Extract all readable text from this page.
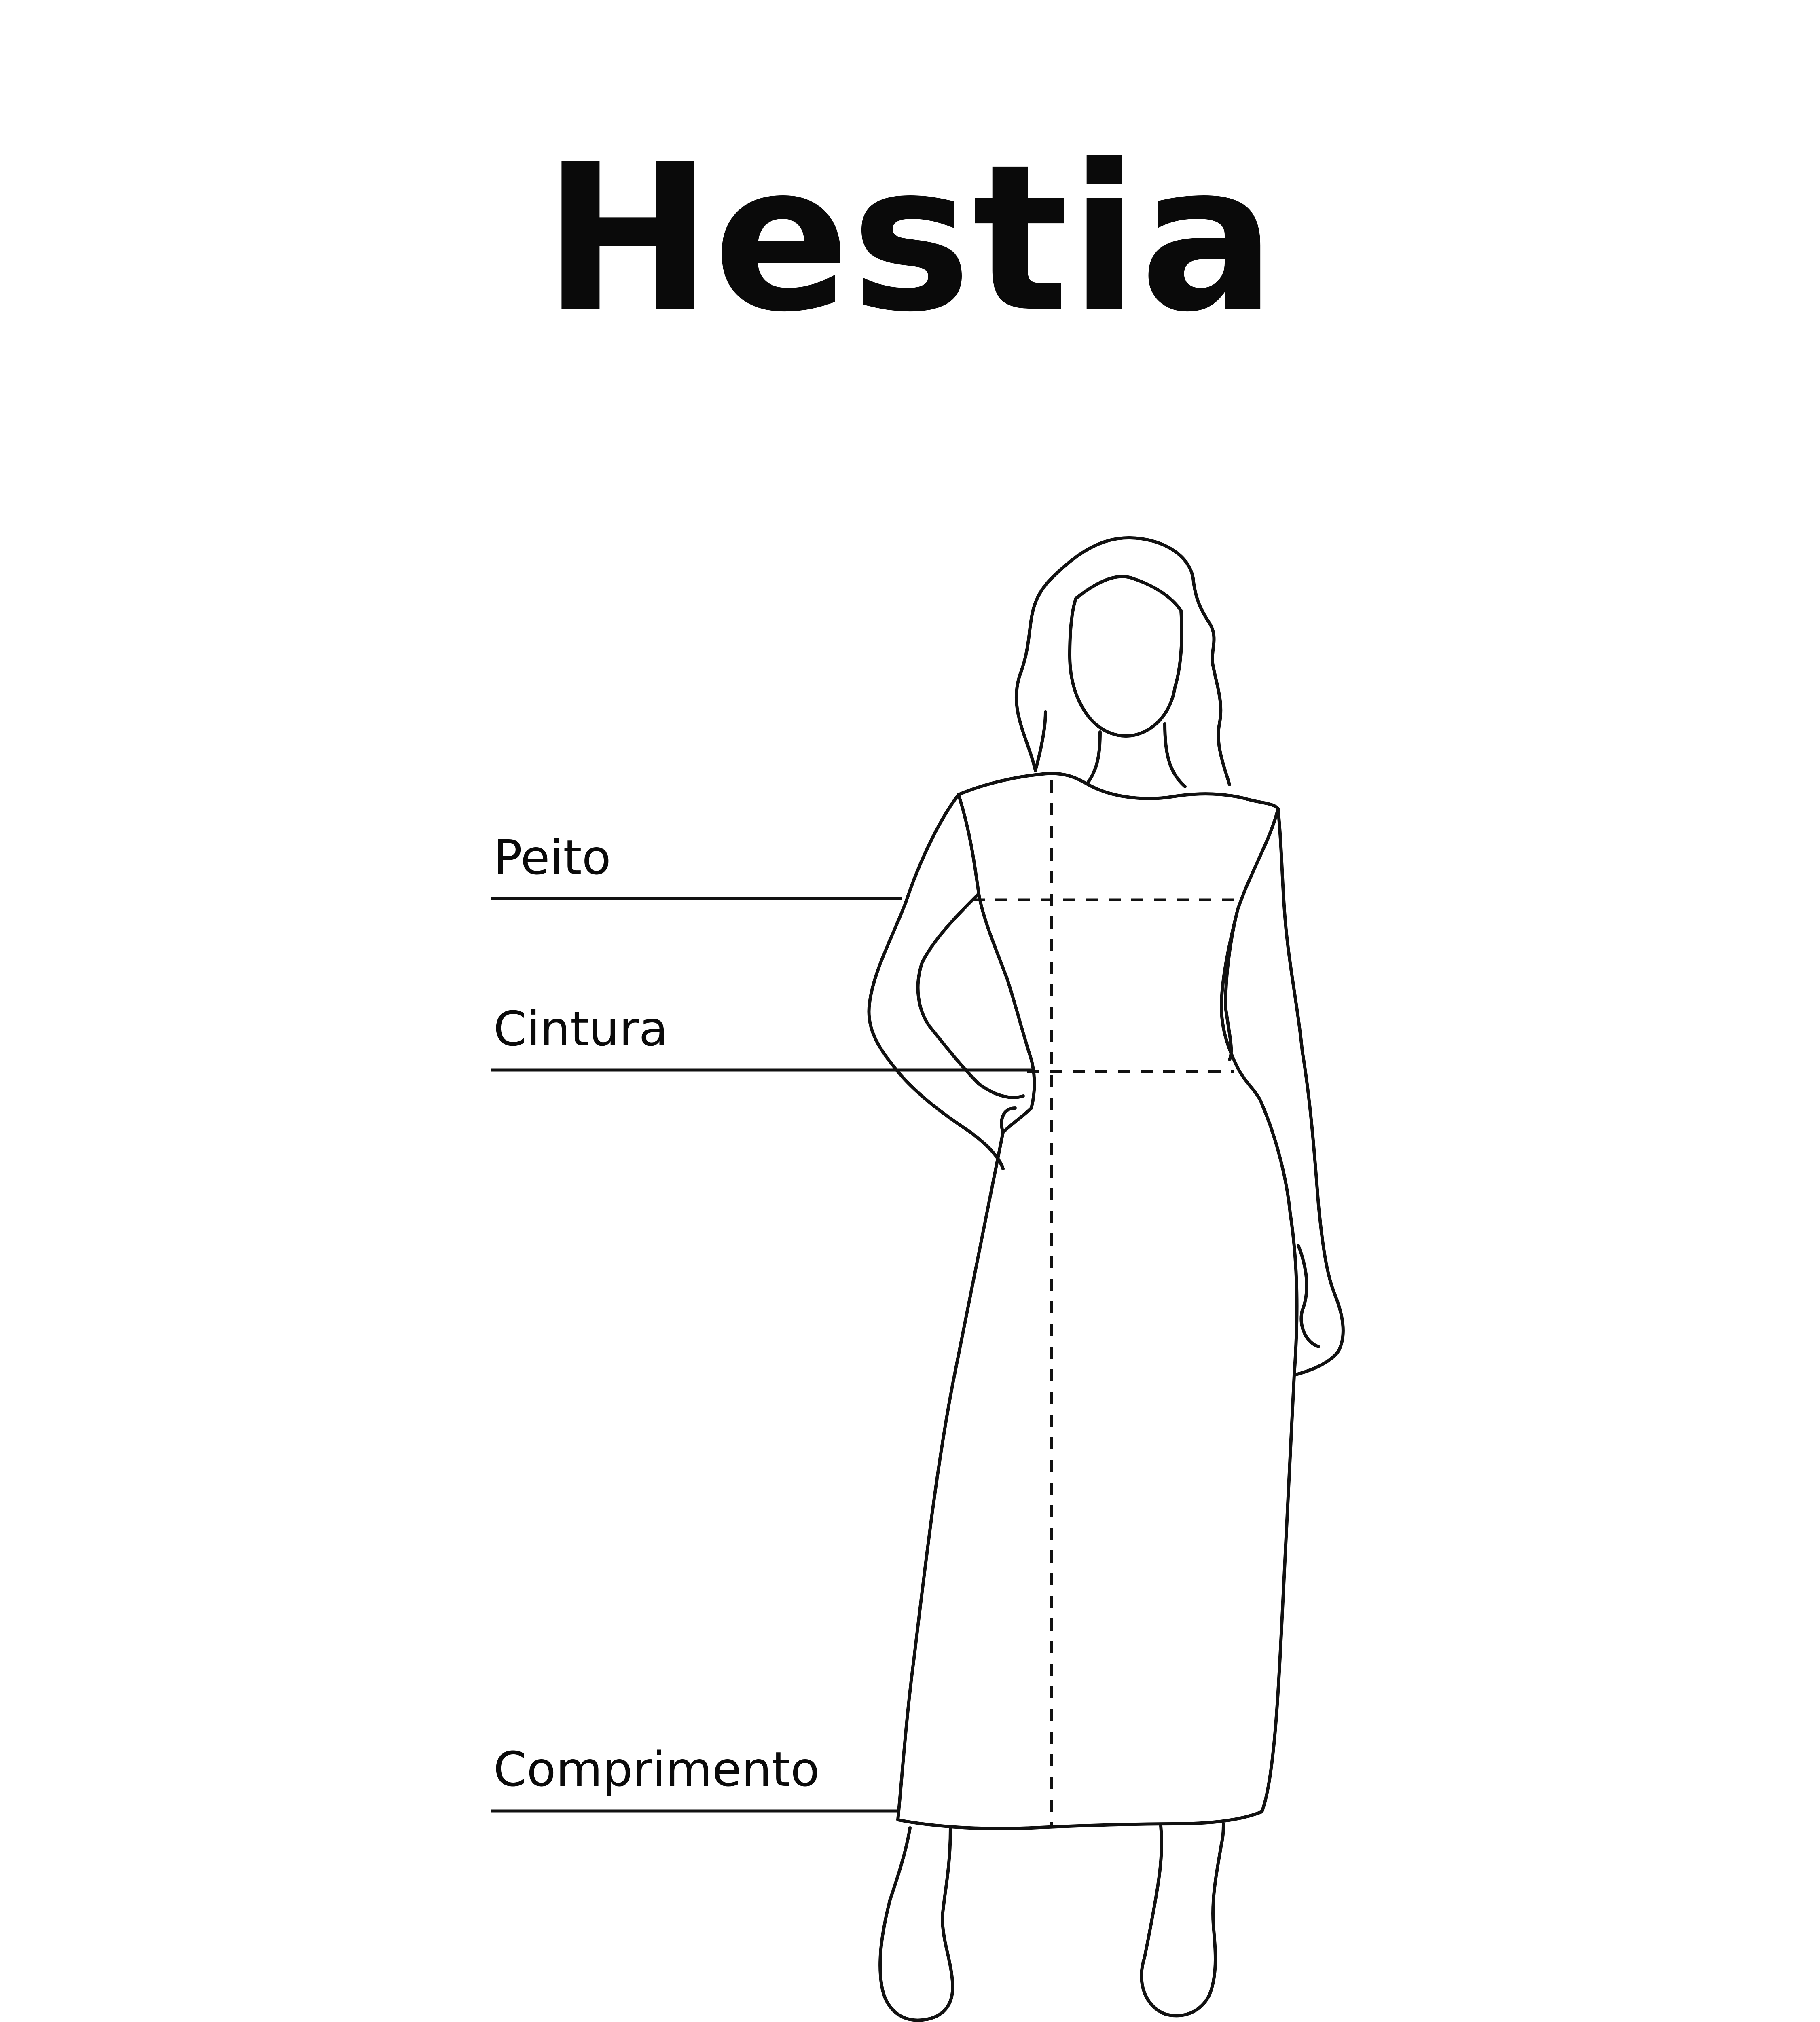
Hestia
Peito
Cintura
Comprimento
